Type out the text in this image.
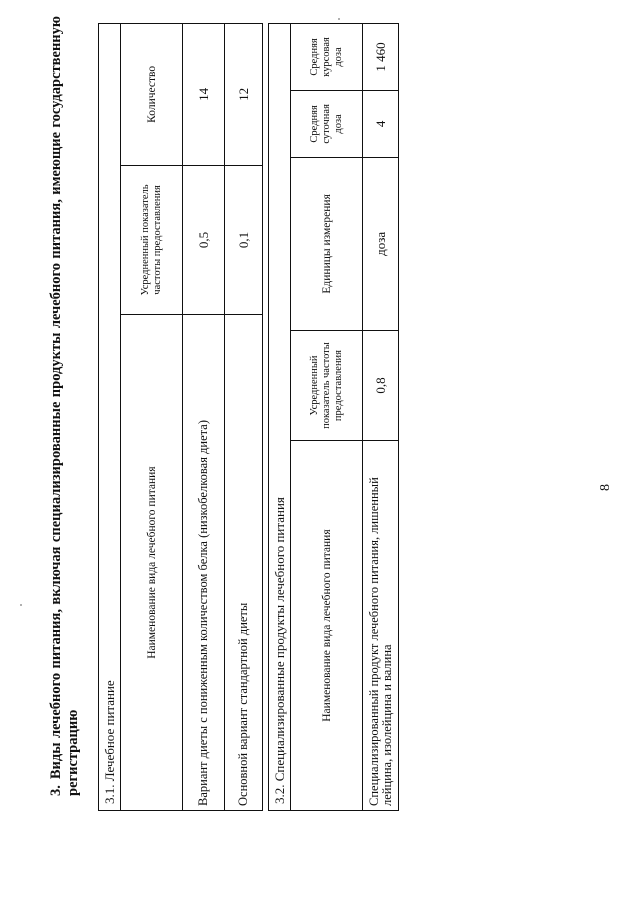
8
3.Виды лечебного питания, включая специализированные продукты лечебного питания, имеющие государственную регистрацию 3.1. Лечебное питание		
Наименование вида лечебного питания	Усредненный показатель частоты предоставления	Количество
Вариант диеты с пониженным количеством белка (низкобелковая диета)	0,5	14
Основной вариант стандартной диеты	0,1	12
3.2. Специализированные продукты лечебного питания				
Наименование вида лечебного питания	Усредненный показатель частоты предоставления	Единицы измерения	Средняя суточная доза	Средняя курсовая доза
Специализированный продукт лечебного питания, лишенный лейцина, изолейцина и валина	0,8	доза	4	1 460
